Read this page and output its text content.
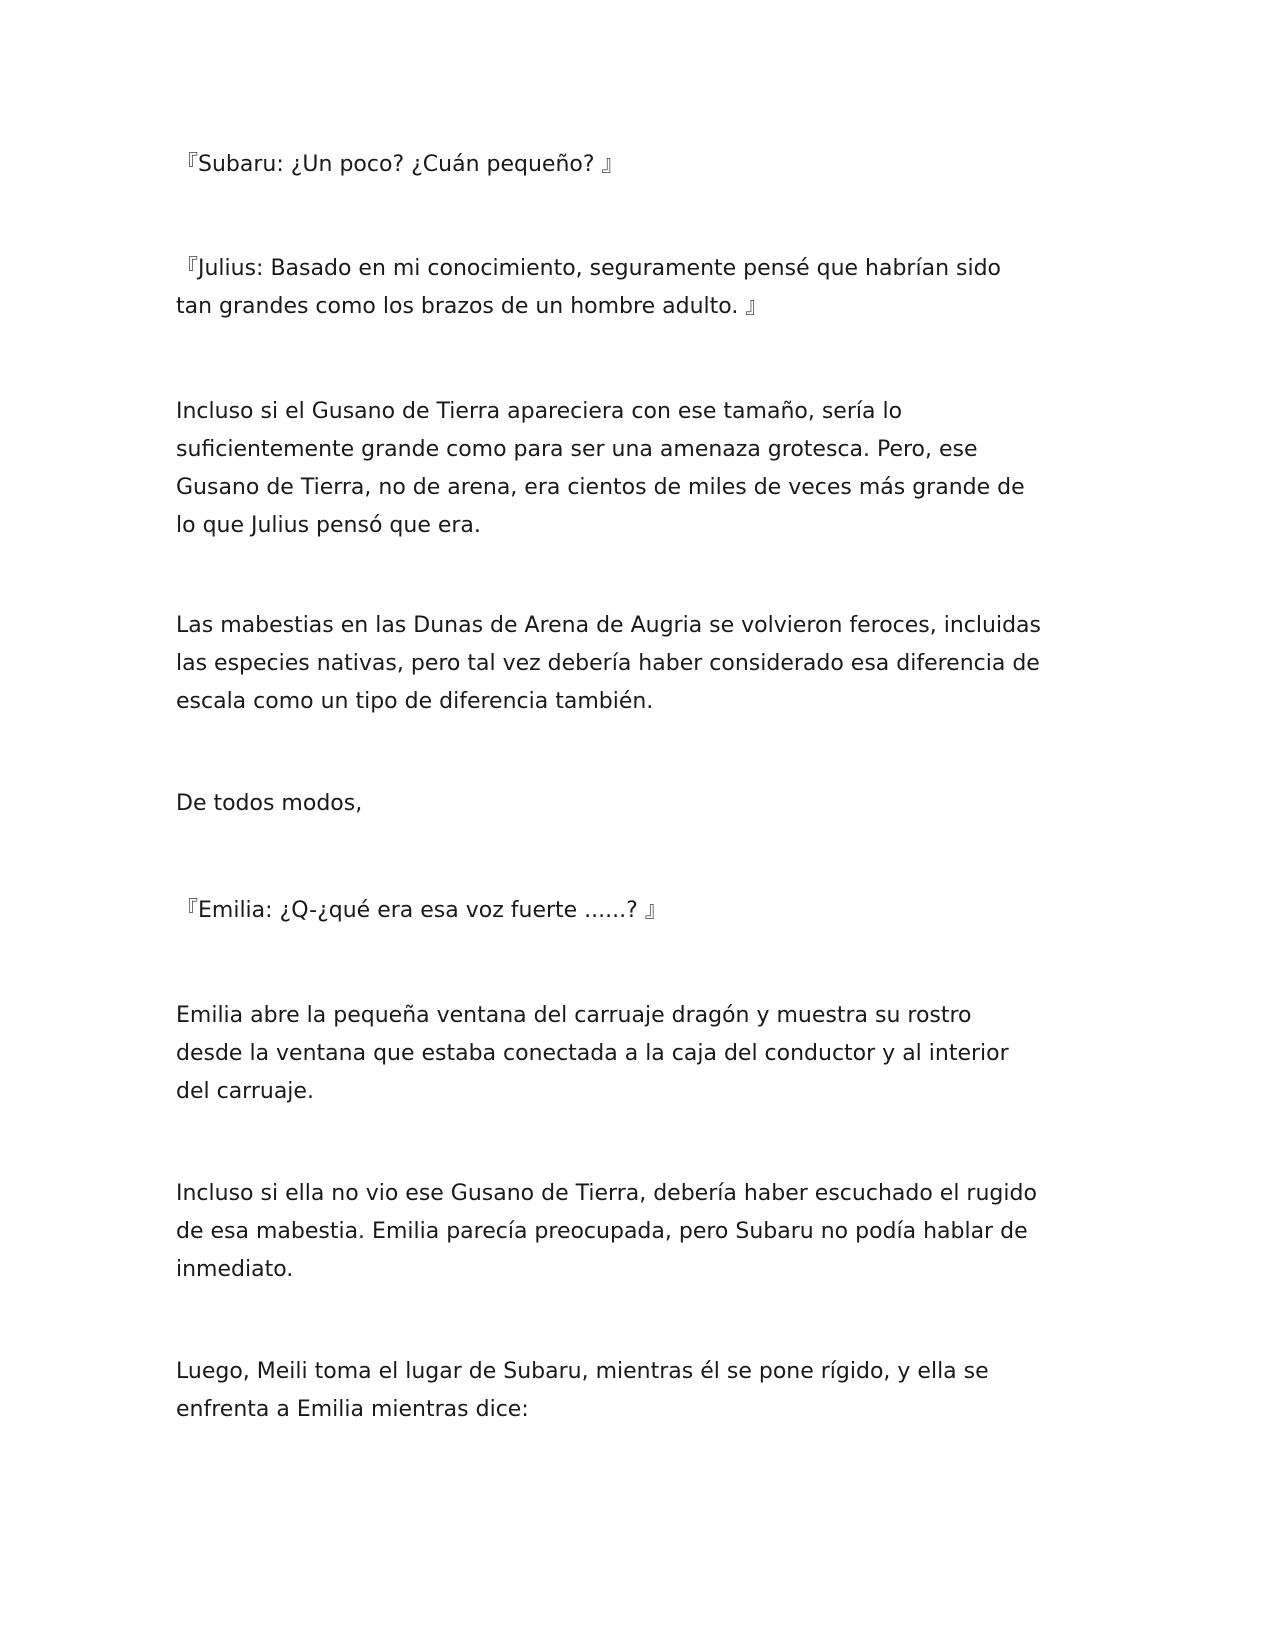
『Subaru: ¿Un poco? ¿Cuán pequeño? 』

『Julius: Basado en mi conocimiento, seguramente pensé que habrían sido
tan grandes como los brazos de un hombre adulto. 』

Incluso si el Gusano de Tierra apareciera con ese tamaño, sería lo
suficientemente grande como para ser una amenaza grotesca. Pero, ese
Gusano de Tierra, no de arena, era cientos de miles de veces más grande de
lo que Julius pensó que era.

Las mabestias en las Dunas de Arena de Augria se volvieron feroces, incluidas
las especies nativas, pero tal vez debería haber considerado esa diferencia de
escala como un tipo de diferencia también.

De todos modos,

『Emilia: ¿Q-¿qué era esa voz fuerte ......? 』

Emilia abre la pequeña ventana del carruaje dragón y muestra su rostro
desde la ventana que estaba conectada a la caja del conductor y al interior
del carruaje.

Incluso si ella no vio ese Gusano de Tierra, debería haber escuchado el rugido
de esa mabestia. Emilia parecía preocupada, pero Subaru no podía hablar de
inmediato.

Luego, Meili toma el lugar de Subaru, mientras él se pone rígido, y ella se
enfrenta a Emilia mientras dice:
